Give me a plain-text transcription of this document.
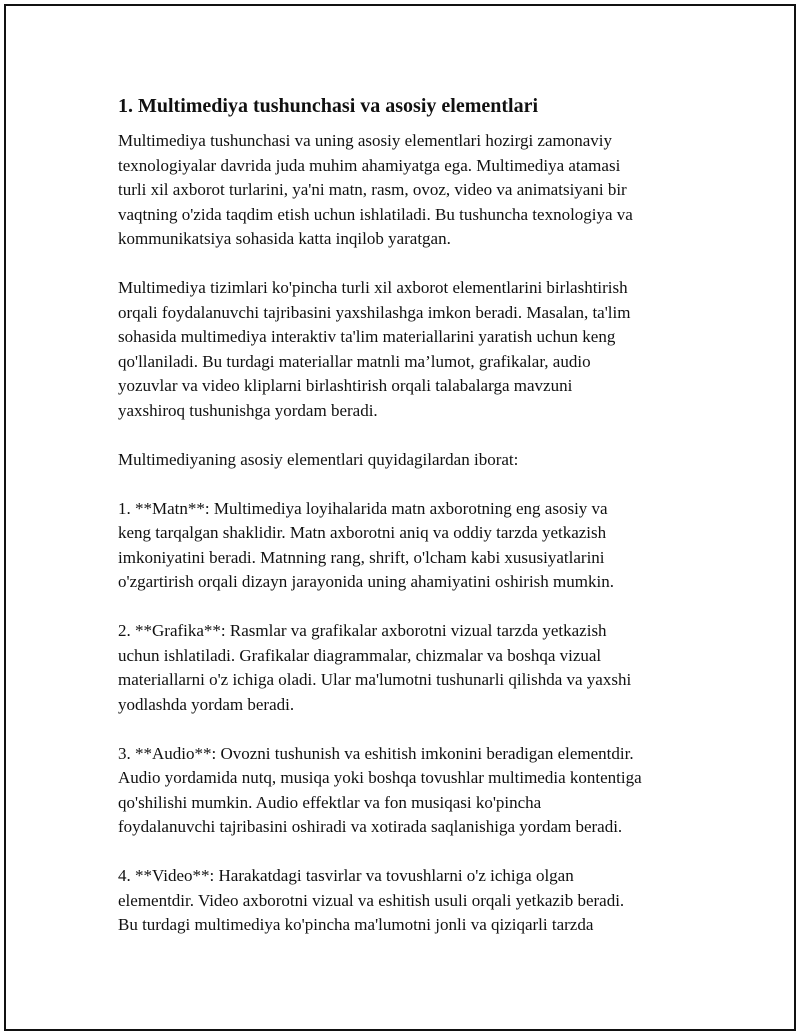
1. Multimediya tushunchasi va asosiy elementlari

Multimediya tushunchasi va uning asosiy elementlari hozirgi zamonaviy
texnologiyalar davrida juda muhim ahamiyatga ega. Multimediya atamasi
turli xil axborot turlarini, ya'ni matn, rasm, ovoz, video va animatsiyani bir
vaqtning o'zida taqdim etish uchun ishlatiladi. Bu tushuncha texnologiya va
kommunikatsiya sohasida katta inqilob yaratgan.

Multimediya tizimlari ko'pincha turli xil axborot elementlarini birlashtirish
orqali foydalanuvchi tajribasini yaxshilashga imkon beradi. Masalan, ta'lim
sohasida multimediya interaktiv ta'lim materiallarini yaratish uchun keng
qo'llaniladi. Bu turdagi materiallar matnli ma’lumot, grafikalar, audio
yozuvlar va video kliplarni birlashtirish orqali talabalarga mavzuni
yaxshiroq tushunishga yordam beradi.

Multimediyaning asosiy elementlari quyidagilardan iborat:

1. **Matn**: Multimediya loyihalarida matn axborotning eng asosiy va
keng tarqalgan shaklidir. Matn axborotni aniq va oddiy tarzda yetkazish
imkoniyatini beradi. Matnning rang, shrift, o'lcham kabi xususiyatlarini
o'zgartirish orqali dizayn jarayonida uning ahamiyatini oshirish mumkin.

2. **Grafika**: Rasmlar va grafikalar axborotni vizual tarzda yetkazish
uchun ishlatiladi. Grafikalar diagrammalar, chizmalar va boshqa vizual
materiallarni o'z ichiga oladi. Ular ma'lumotni tushunarli qilishda va yaxshi
yodlashda yordam beradi.

3. **Audio**: Ovozni tushunish va eshitish imkonini beradigan elementdir.
Audio yordamida nutq, musiqa yoki boshqa tovushlar multimedia kontentiga
qo'shilishi mumkin. Audio effektlar va fon musiqasi ko'pincha
foydalanuvchi tajribasini oshiradi va xotirada saqlanishiga yordam beradi.

4. **Video**: Harakatdagi tasvirlar va tovushlarni o'z ichiga olgan
elementdir. Video axborotni vizual va eshitish usuli orqali yetkazib beradi.
Bu turdagi multimediya ko'pincha ma'lumotni jonli va qiziqarli tarzda
